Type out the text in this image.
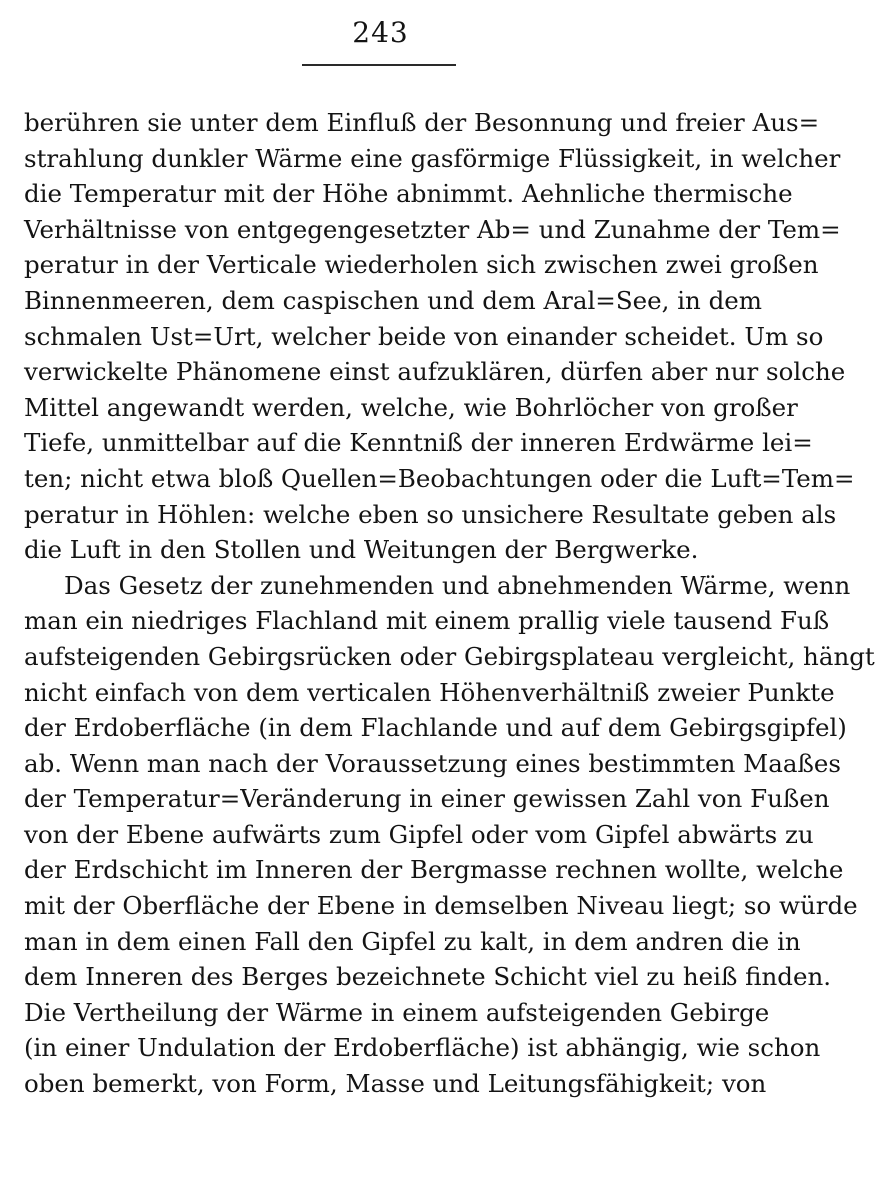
243
berühren sie unter dem Einfluß der Besonnung und freier Aus=
strahlung dunkler Wärme eine gasförmige Flüssigkeit, in welcher
die Temperatur mit der Höhe abnimmt. Aehnliche thermische
Verhältnisse von entgegengesetzter Ab= und Zunahme der Tem=
peratur in der Verticale wiederholen sich zwischen zwei großen
Binnenmeeren, dem caspischen und dem Aral=See, in dem
schmalen Ust=Urt, welcher beide von einander scheidet. Um so
verwickelte Phänomene einst aufzuklären, dürfen aber nur solche
Mittel angewandt werden, welche, wie Bohrlöcher von großer
Tiefe, unmittelbar auf die Kenntniß der inneren Erdwärme lei=
ten; nicht etwa bloß Quellen=Beobachtungen oder die Luft=Tem=
peratur in Höhlen: welche eben so unsichere Resultate geben als
die Luft in den Stollen und Weitungen der Bergwerke.
Das Gesetz der zunehmenden und abnehmenden Wärme, wenn
man ein niedriges Flachland mit einem prallig viele tausend Fuß
aufsteigenden Gebirgsrücken oder Gebirgsplateau vergleicht, hängt
nicht einfach von dem verticalen Höhenverhältniß zweier Punkte
der Erdoberfläche (in dem Flachlande und auf dem Gebirgsgipfel)
ab. Wenn man nach der Voraussetzung eines bestimmten Maaßes
der Temperatur=Veränderung in einer gewissen Zahl von Fußen
von der Ebene aufwärts zum Gipfel oder vom Gipfel abwärts zu
der Erdschicht im Inneren der Bergmasse rechnen wollte, welche
mit der Oberfläche der Ebene in demselben Niveau liegt; so würde
man in dem einen Fall den Gipfel zu kalt, in dem andren die in
dem Inneren des Berges bezeichnete Schicht viel zu heiß finden.
Die Vertheilung der Wärme in einem aufsteigenden Gebirge
(in einer Undulation der Erdoberfläche) ist abhängig, wie schon
oben bemerkt, von Form, Masse und Leitungsfähigkeit; von
